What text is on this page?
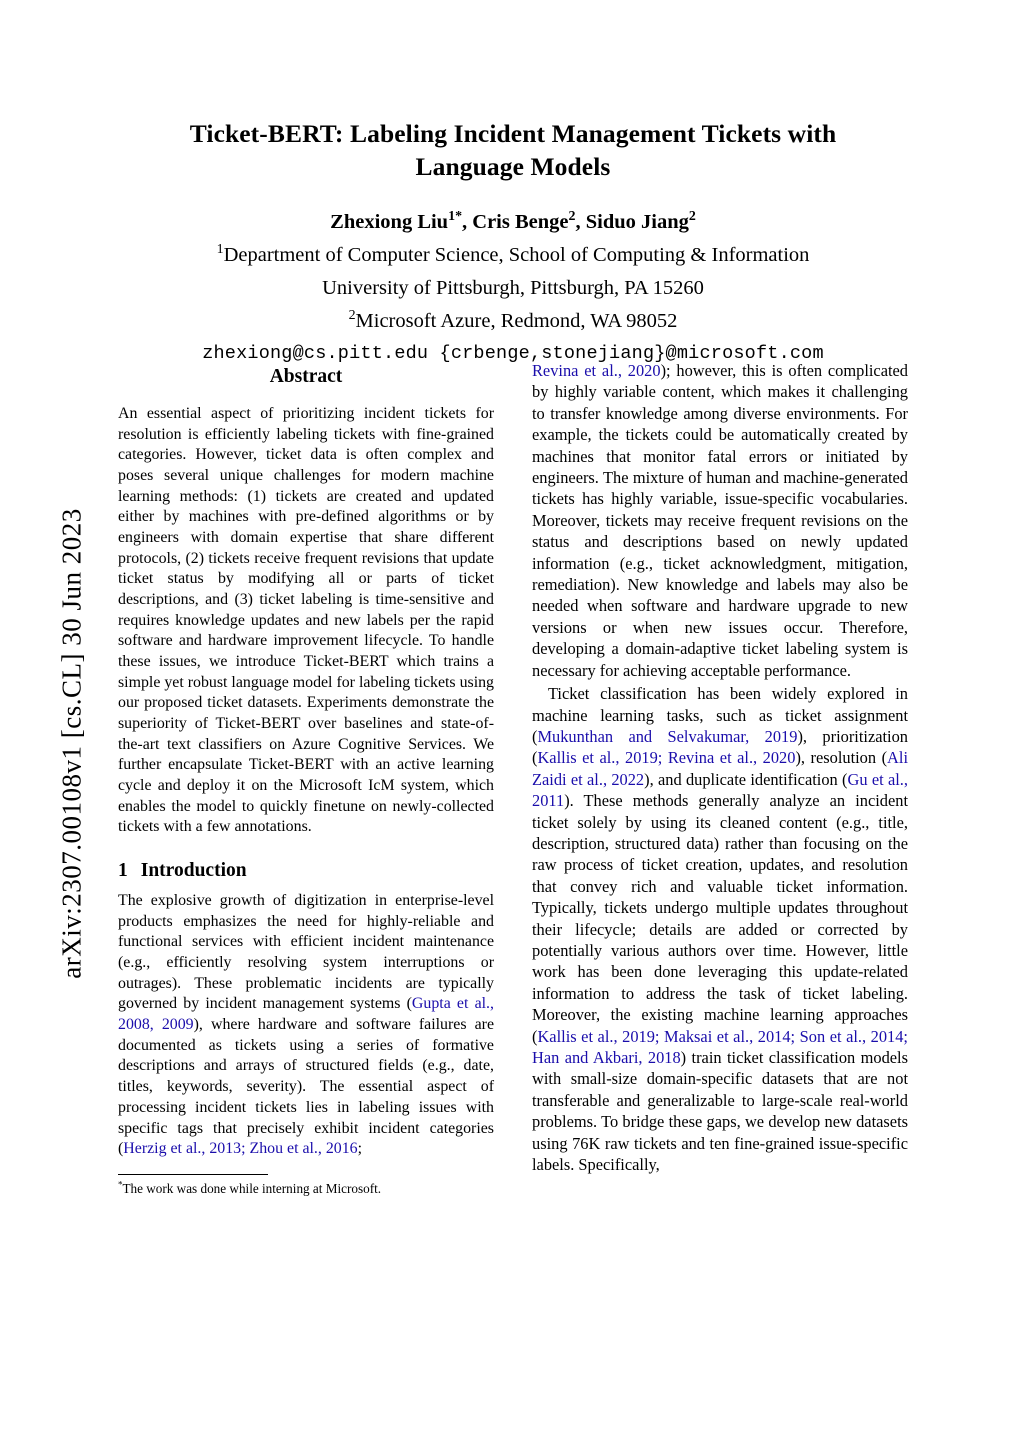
arXiv:2307.00108v1 [cs.CL] 30 Jun 2023
Ticket-BERT: Labeling Incident Management Tickets with Language Models
Zhexiong Liu$^{1*}$, Cris Benge$^2$, Siduo Jiang$^2$
$^1$Department of Computer Science, School of Computing & Information
University of Pittsburgh, Pittsburgh, PA 15260
$^2$Microsoft Azure, Redmond, WA 98052
zhexiong@cs.pitt.edu {crbenge,stonejiang}@microsoft.com
Abstract

An essential aspect of prioritizing incident tickets for resolution is efficiently labeling tickets with fine-grained categories. However, ticket data is often complex and poses several unique challenges for modern machine learning methods: (1) tickets are created and updated either by machines with pre-defined algorithms or by engineers with domain expertise that share different protocols, (2) tickets receive frequent revisions that update ticket status by modifying all or parts of ticket descriptions, and (3) ticket labeling is time-sensitive and requires knowledge updates and new labels per the rapid software and hardware improvement lifecycle. To handle these issues, we introduce Ticket-BERT which trains a simple yet robust language model for labeling tickets using our proposed ticket datasets. Experiments demonstrate the superiority of Ticket-BERT over baselines and state-of-the-art text classifiers on Azure Cognitive Services. We further encapsulate Ticket-BERT with an active learning cycle and deploy it on the Microsoft IcM system, which enables the model to quickly finetune on newly-collected tickets with a few annotations.

1 Introduction

The explosive growth of digitization in enterprise-level products emphasizes the need for highly-reliable and functional services with efficient incident maintenance (e.g., efficiently resolving system interruptions or outrages). These problematic incidents are typically governed by incident management systems (Gupta et al., 2008, 2009), where hardware and software failures are documented as tickets using a series of formative descriptions and arrays of structured fields (e.g., date, titles, keywords, severity). The essential aspect of processing incident tickets lies in labeling issues with specific tags that precisely exhibit incident categories (Herzig et al., 2013; Zhou et al., 2016;

*The work was done while interning at Microsoft.

Revina et al., 2020); however, this is often complicated by highly variable content, which makes it challenging to transfer knowledge among diverse environments. For example, the tickets could be automatically created by machines that monitor fatal errors or initiated by engineers. The mixture of human and machine-generated tickets has highly variable, issue-specific vocabularies. Moreover, tickets may receive frequent revisions on the status and descriptions based on newly updated information (e.g., ticket acknowledgment, mitigation, remediation). New knowledge and labels may also be needed when software and hardware upgrade to new versions or when new issues occur. Therefore, developing a domain-adaptive ticket labeling system is necessary for achieving acceptable performance.

Ticket classification has been widely explored in machine learning tasks, such as ticket assignment (Mukunthan and Selvakumar, 2019), prioritization (Kallis et al., 2019; Revina et al., 2020), resolution (Ali Zaidi et al., 2022), and duplicate identification (Gu et al., 2011). These methods generally analyze an incident ticket solely by using its cleaned content (e.g., title, description, structured data) rather than focusing on the raw process of ticket creation, updates, and resolution that convey rich and valuable ticket information. Typically, tickets undergo multiple updates throughout their lifecycle; details are added or corrected by potentially various authors over time. However, little work has been done leveraging this update-related information to address the task of ticket labeling. Moreover, the existing machine learning approaches (Kallis et al., 2019; Maksai et al., 2014; Son et al., 2014; Han and Akbari, 2018) train ticket classification models with small-size domain-specific datasets that are not transferable and generalizable to large-scale real-world problems. To bridge these gaps, we develop new datasets using 76K raw tickets and ten fine-grained issue-specific labels. Specifically,
